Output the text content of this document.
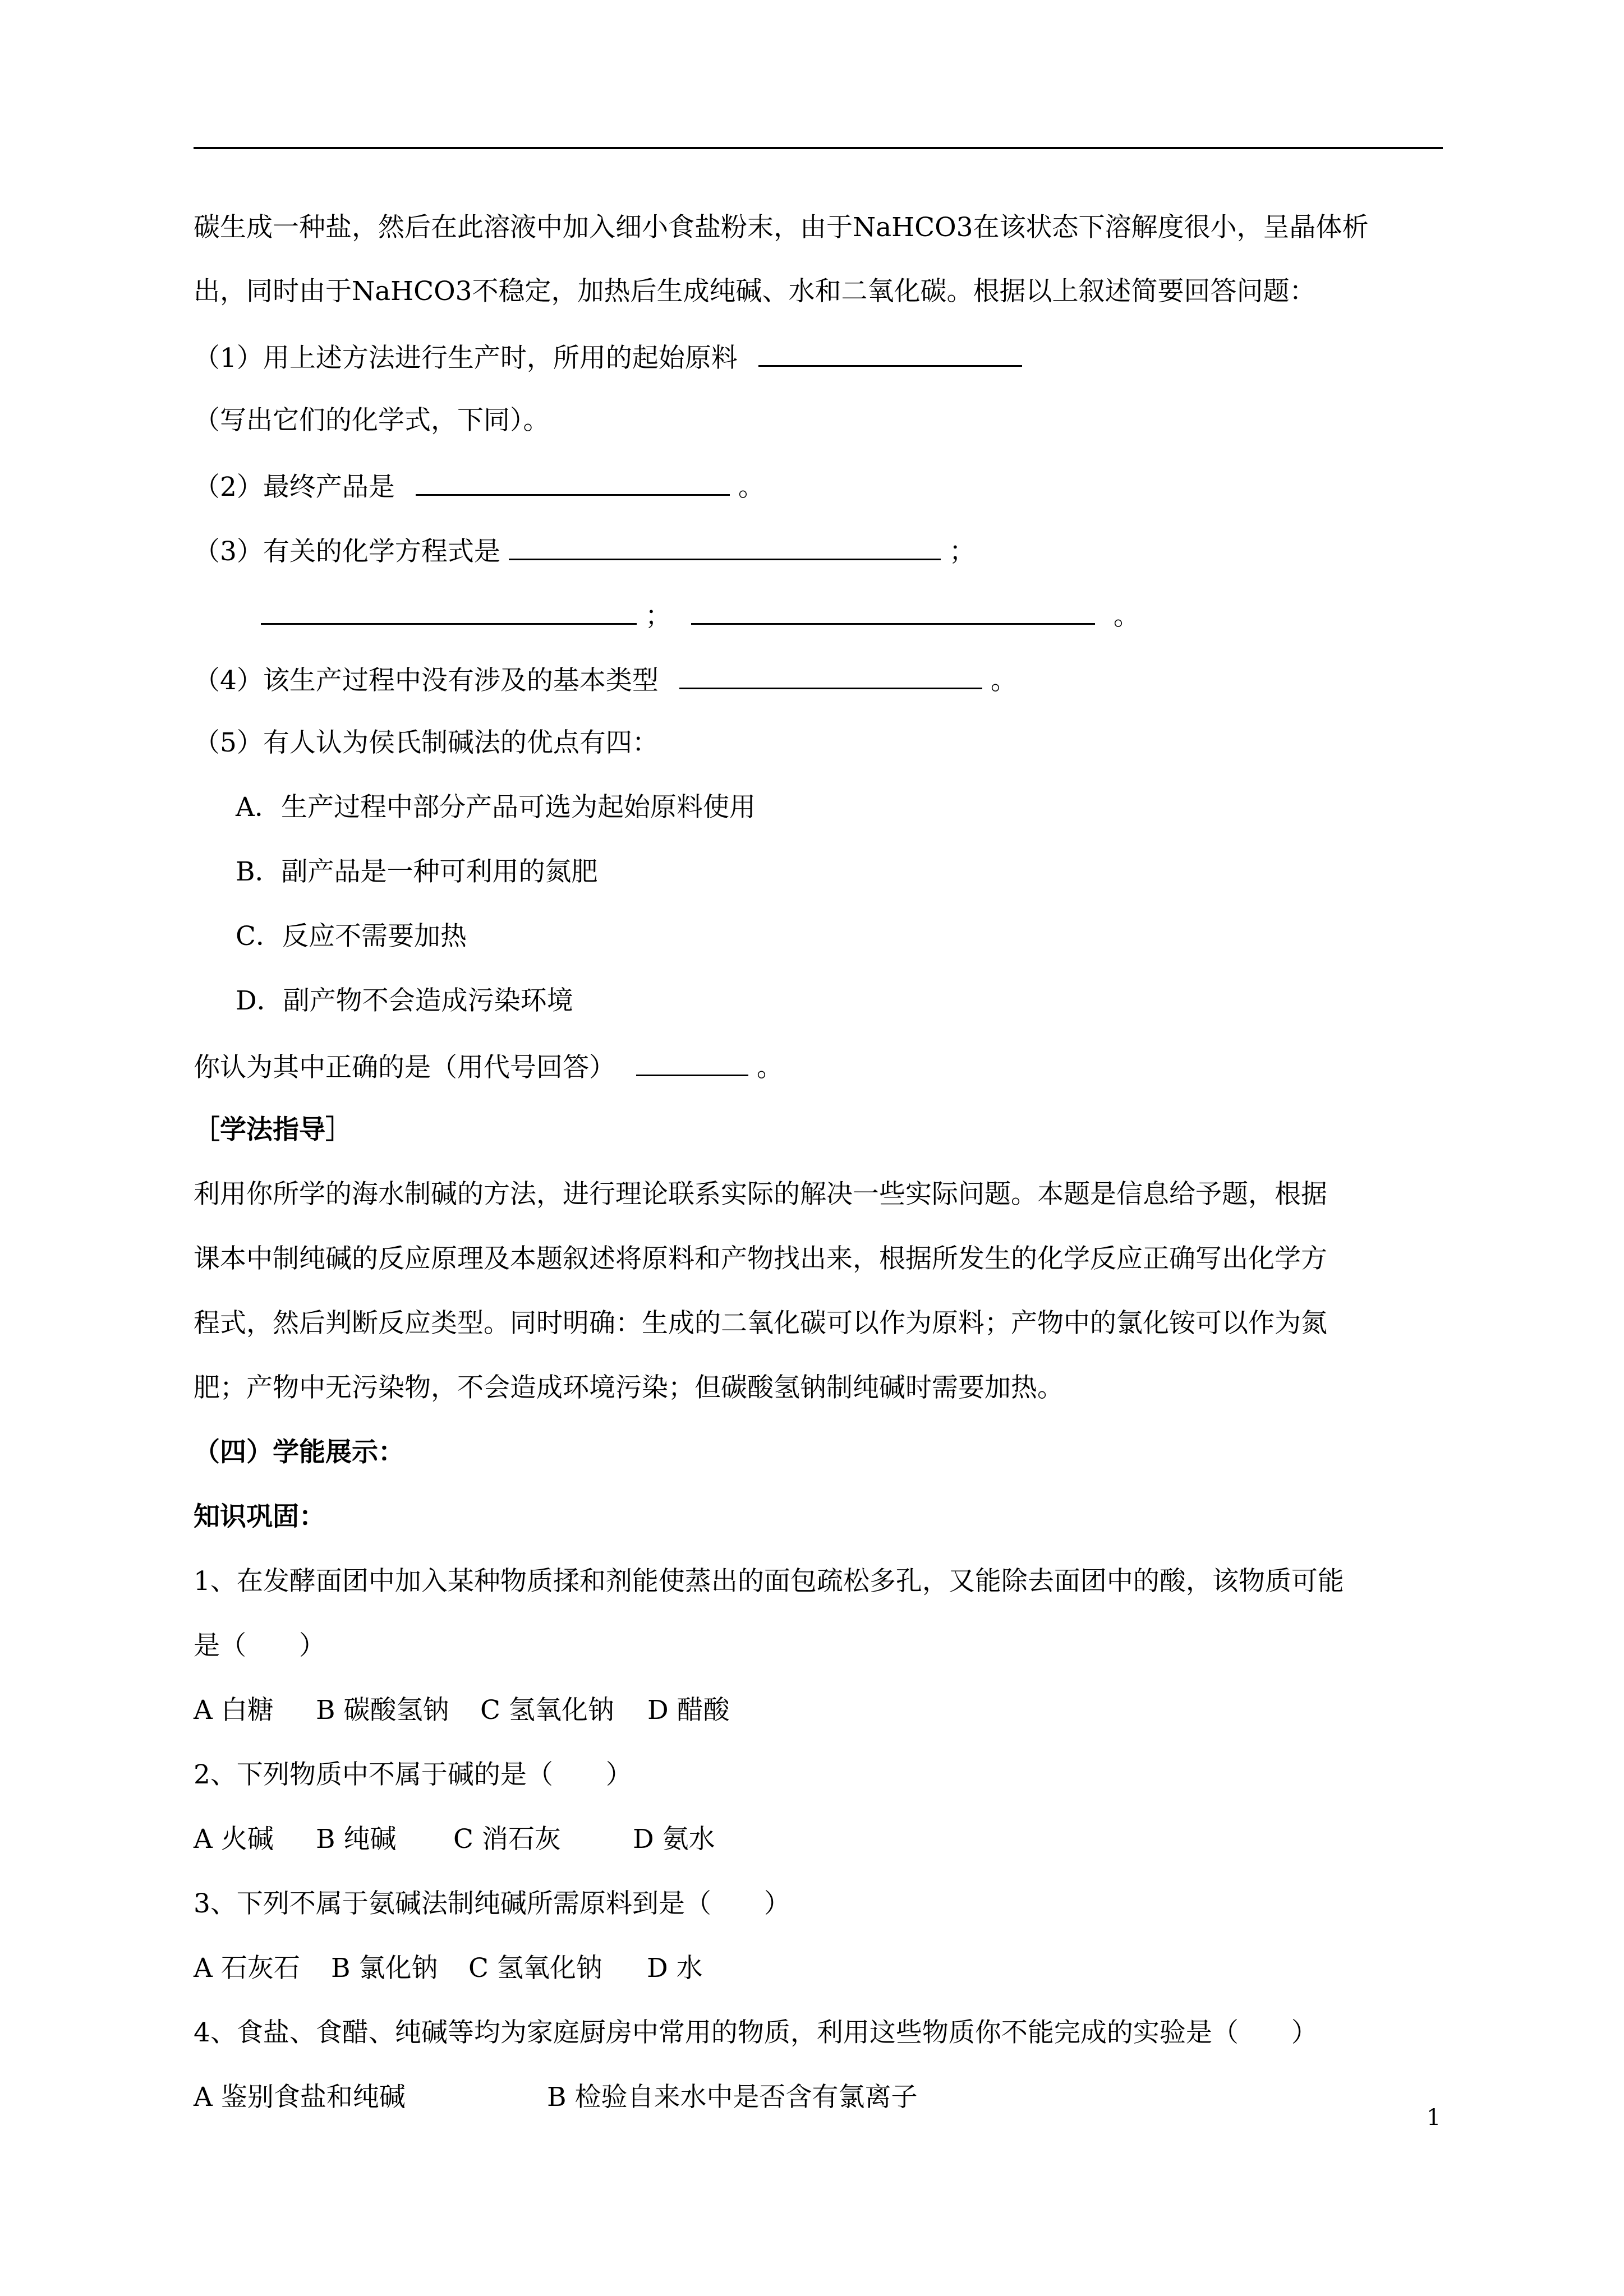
碳生成一种盐，然后在此溶液中加入细小食盐粉末，由于NaHCO3在该状态下溶解度很小，呈晶体析
出，同时由于NaHCO3不稳定，加热后生成纯碱、水和二氧化碳。根据以上叙述简要回答问题：
（1）用上述方法进行生产时，所用的起始原料
（写出它们的化学式，下同）。
（2）最终产品是	。
（3）有关的化学方程式是	；
；	。
（4）该生产过程中没有涉及的基本类型	。
（5）有人认为侯氏制碱法的优点有四：
A．生产过程中部分产品可选为起始原料使用
B．副产品是一种可利用的氮肥
C．反应不需要加热
D．副产物不会造成污染环境
你认为其中正确的是（用代号回答）	。
［学法指导］
利用你所学的海水制碱的方法，进行理论联系实际的解决一些实际问题。本题是信息给予题，根据
课本中制纯碱的反应原理及本题叙述将原料和产物找出来，根据所发生的化学反应正确写出化学方
程式，然后判断反应类型。同时明确：生成的二氧化碳可以作为原料；产物中的氯化铵可以作为氮
肥；产物中无污染物，不会造成环境污染；但碳酸氢钠制纯碱时需要加热。
（四）学能展示：
知识巩固：
1、在发酵面团中加入某种物质揉和剂能使蒸出的面包疏松多孔，又能除去面团中的酸，该物质可能
是（　　）
A 白糖 B 碳酸氢钠 C 氢氧化钠 D 醋酸
2、下列物质中不属于碱的是（　　）
A 火碱 B 纯碱 C 消石灰	D 氨水
3、下列不属于氨碱法制纯碱所需原料到是（　　）
A 石灰石 B 氯化钠 C 氢氧化钠 D 水
4、食盐、食醋、纯碱等均为家庭厨房中常用的物质，利用这些物质你不能完成的实验是（　　）
A 鉴别食盐和纯碱	B 检验自来水中是否含有氯离子
1
